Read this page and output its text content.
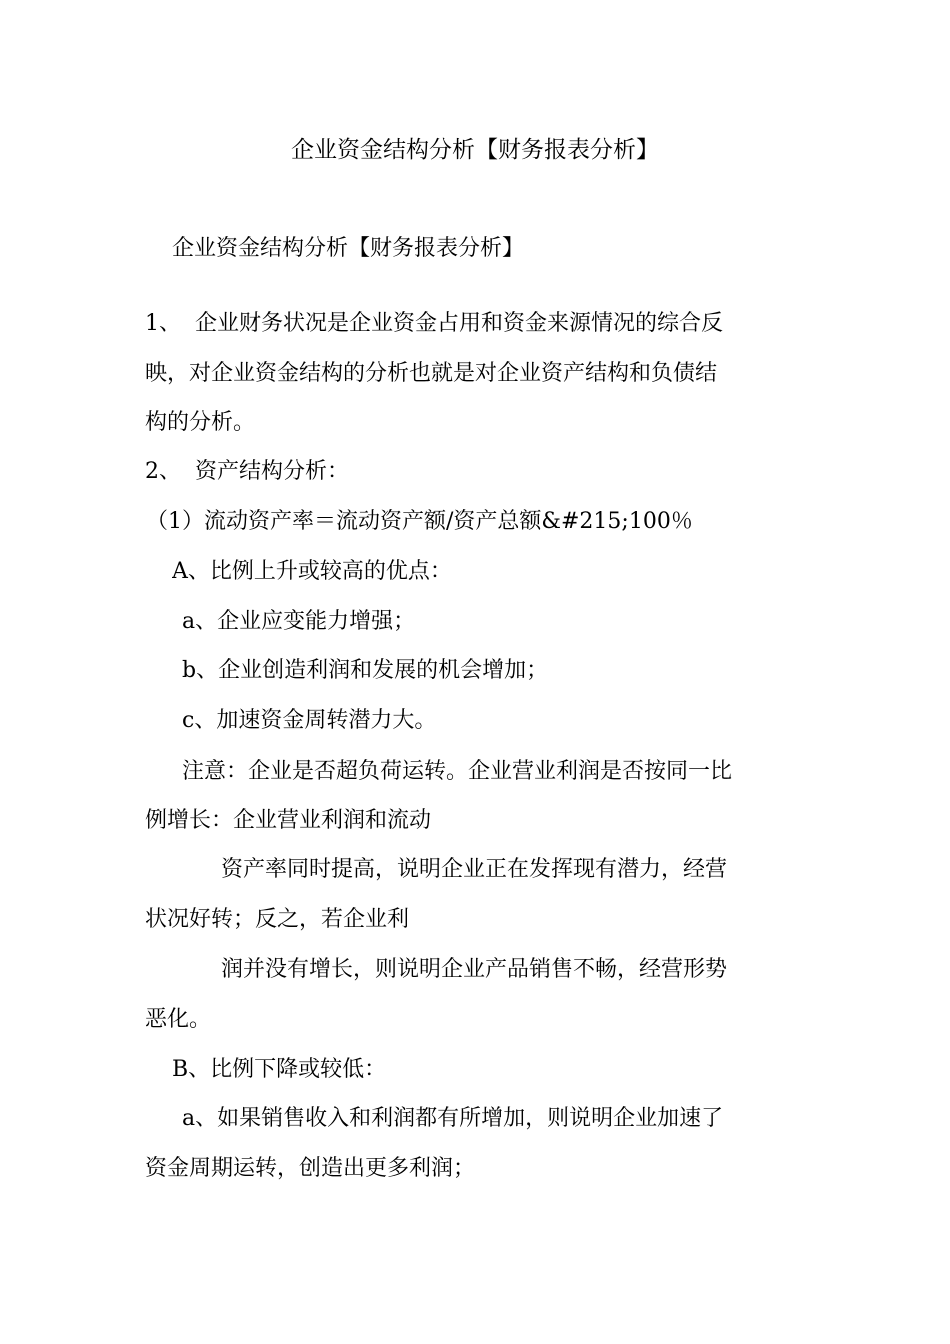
企业资金结构分析【财务报表分析】
企业资金结构分析【财务报表分析】
1、 企业财务状况是企业资金占用和资金来源情况的综合反
映，对企业资金结构的分析也就是对企业资产结构和负债结
构的分析。
2、 资产结构分析：
（1）流动资产率＝流动资产额/资产总额&#215;100％
A、比例上升或较高的优点：
a、企业应变能力增强；
b、企业创造利润和发展的机会增加；
c、加速资金周转潜力大。
注意：企业是否超负荷运转。企业营业利润是否按同一比
例增长：企业营业利润和流动
资产率同时提高，说明企业正在发挥现有潜力，经营
状况好转；反之，若企业利
润并没有增长，则说明企业产品销售不畅，经营形势
恶化。
B、比例下降或较低：
a、如果销售收入和利润都有所增加，则说明企业加速了
资金周期运转，创造出更多利润；
